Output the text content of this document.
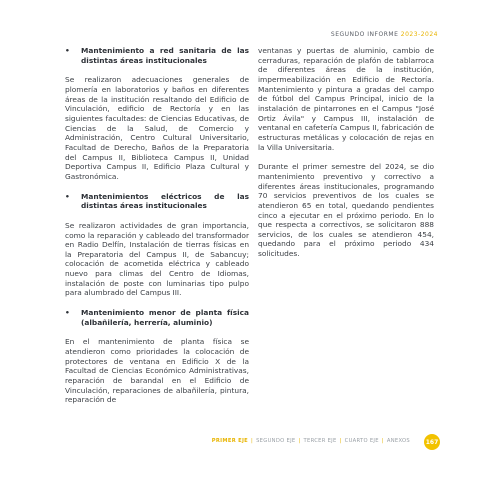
SEGUNDO INFORME 2023-2024
•	Mantenimiento a red sanitaria de las distintas áreas institucionales

Se realizaron adecuaciones generales de plomería en laboratorios y baños en diferentes áreas de la institución resaltando del Edificio de Vinculación, edificio de Rectoría y en las siguientes facultades: de Ciencias Educativas, de Ciencias de la Salud, de Comercio y Administración, Centro Cultural Universitario, Facultad de Derecho, Baños de la Preparatoria del Campus II, Biblioteca Campus II, Unidad Deportiva Campus II, Edificio Plaza Cultural y Gastronómica.

•	Mantenimientos eléctricos de las distintas áreas institucionales

Se realizaron actividades de gran importancia, como la reparación y cableado del transformador en Radio Delfín, Instalación de tierras físicas en la Preparatoria del Campus II, de Sabancuy; colocación de acometida eléctrica y cableado nuevo para climas del Centro de Idiomas, instalación de poste con luminarias tipo pulpo para alumbrado del Campus III.

•	Mantenimiento menor de planta física (albañilería, herrería, aluminio)

En el mantenimiento de planta física se atendieron como prioridades la colocación de protectores de ventana en Edificio X de la Facultad de Ciencias Económico Administrativas, reparación de barandal en el Edificio de Vinculación, reparaciones de albañilería, pintura, reparación de

ventanas y puertas de aluminio, cambio de cerraduras, reparación de plafón de tablarroca de diferentes áreas de la institución, impermeabilización en Edificio de Rectoría. Mantenimiento y pintura a gradas del campo de fútbol del Campus Principal, inicio de la instalación de pintarrones en el Campus "José Ortiz Ávila" y Campus III, instalación de ventanal en cafetería Campus II, fabricación de estructuras metálicas y colocación de rejas en la Villa Universitaria.

Durante el primer semestre del 2024, se dio mantenimiento preventivo y correctivo a diferentes áreas institucionales, programando 70 servicios preventivos de los cuales se atendieron 65 en total, quedando pendientes cinco a ejecutar en el próximo periodo. En lo que respecta a correctivos, se solicitaron 888 servicios, de los cuales se atendieron 454, quedando para el próximo periodo 434 solicitudes.

PRIMER EJE | SEGUNDO EJE | TERCER EJE | CUARTO EJE | ANEXOS	167
